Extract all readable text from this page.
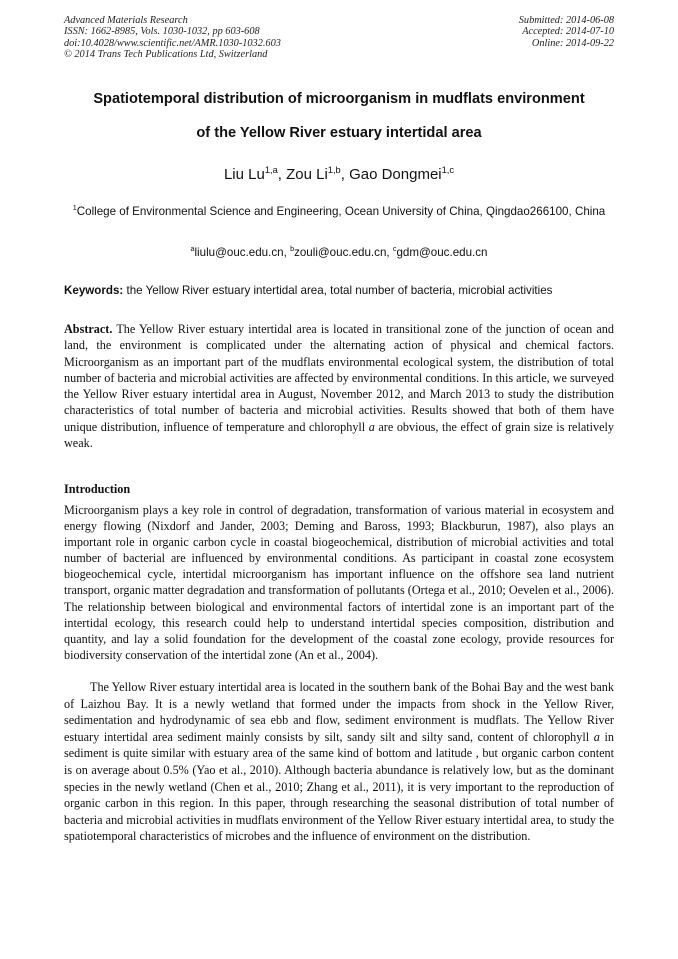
Advanced Materials Research
ISSN: 1662-8985, Vols. 1030-1032, pp 603-608
doi:10.4028/www.scientific.net/AMR.1030-1032.603
© 2014 Trans Tech Publications Ltd, Switzerland
Submitted: 2014-06-08
Accepted: 2014-07-10
Online: 2014-09-22
Spatiotemporal distribution of microorganism in mudflats environment
of the Yellow River estuary intertidal area
Liu Lu$^{1,a}$, Zou Li$^{1,b}$, Gao Dongmei$^{1,c}$
$^1$College of Environmental Science and Engineering, Ocean University of China, Qingdao266100, China
$^a$liulu@ouc.edu.cn, $^b$zouli@ouc.edu.cn, $^c$gdm@ouc.edu.cn
Keywords: the Yellow River estuary intertidal area, total number of bacteria, microbial activities
Abstract. The Yellow River estuary intertidal area is located in transitional zone of the junction of ocean and land, the environment is complicated under the alternating action of physical and chemical factors. Microorganism as an important part of the mudflats environmental ecological system, the distribution of total number of bacteria and microbial activities are affected by environmental conditions. In this article, we surveyed the Yellow River estuary intertidal area in August, November 2012, and March 2013 to study the distribution characteristics of total number of bacteria and microbial activities. Results showed that both of them have unique distribution, influence of temperature and chlorophyll a are obvious, the effect of grain size is relatively weak.
Introduction
Microorganism plays a key role in control of degradation, transformation of various material in ecosystem and energy flowing (Nixdorf and Jander, 2003; Deming and Baross, 1993; Blackburun, 1987), also plays an important role in organic carbon cycle in coastal biogeochemical, distribution of microbial activities and total number of bacterial are influenced by environmental conditions. As participant in coastal zone ecosystem biogeochemical cycle, intertidal microorganism has important influence on the offshore sea land nutrient transport, organic matter degradation and transformation of pollutants (Ortega et al., 2010; Oevelen et al., 2006). The relationship between biological and environmental factors of intertidal zone is an important part of the intertidal ecology, this research could help to understand intertidal species composition, distribution and quantity, and lay a solid foundation for the development of the coastal zone ecology, provide resources for biodiversity conservation of the intertidal zone (An et al., 2004).
The Yellow River estuary intertidal area is located in the southern bank of the Bohai Bay and the west bank of Laizhou Bay. It is a newly wetland that formed under the impacts from shock in the Yellow River, sedimentation and hydrodynamic of sea ebb and flow, sediment environment is mudflats. The Yellow River estuary intertidal area sediment mainly consists by silt, sandy silt and silty sand, content of chlorophyll a in sediment is quite similar with estuary area of the same kind of bottom and latitude , but organic carbon content is on average about 0.5% (Yao et al., 2010). Although bacteria abundance is relatively low, but as the dominant species in the newly wetland (Chen et al., 2010; Zhang et al., 2011), it is very important to the reproduction of organic carbon in this region. In this paper, through researching the seasonal distribution of total number of bacteria and microbial activities in mudflats environment of the Yellow River estuary intertidal area, to study the spatiotemporal characteristics of microbes and the influence of environment on the distribution.
